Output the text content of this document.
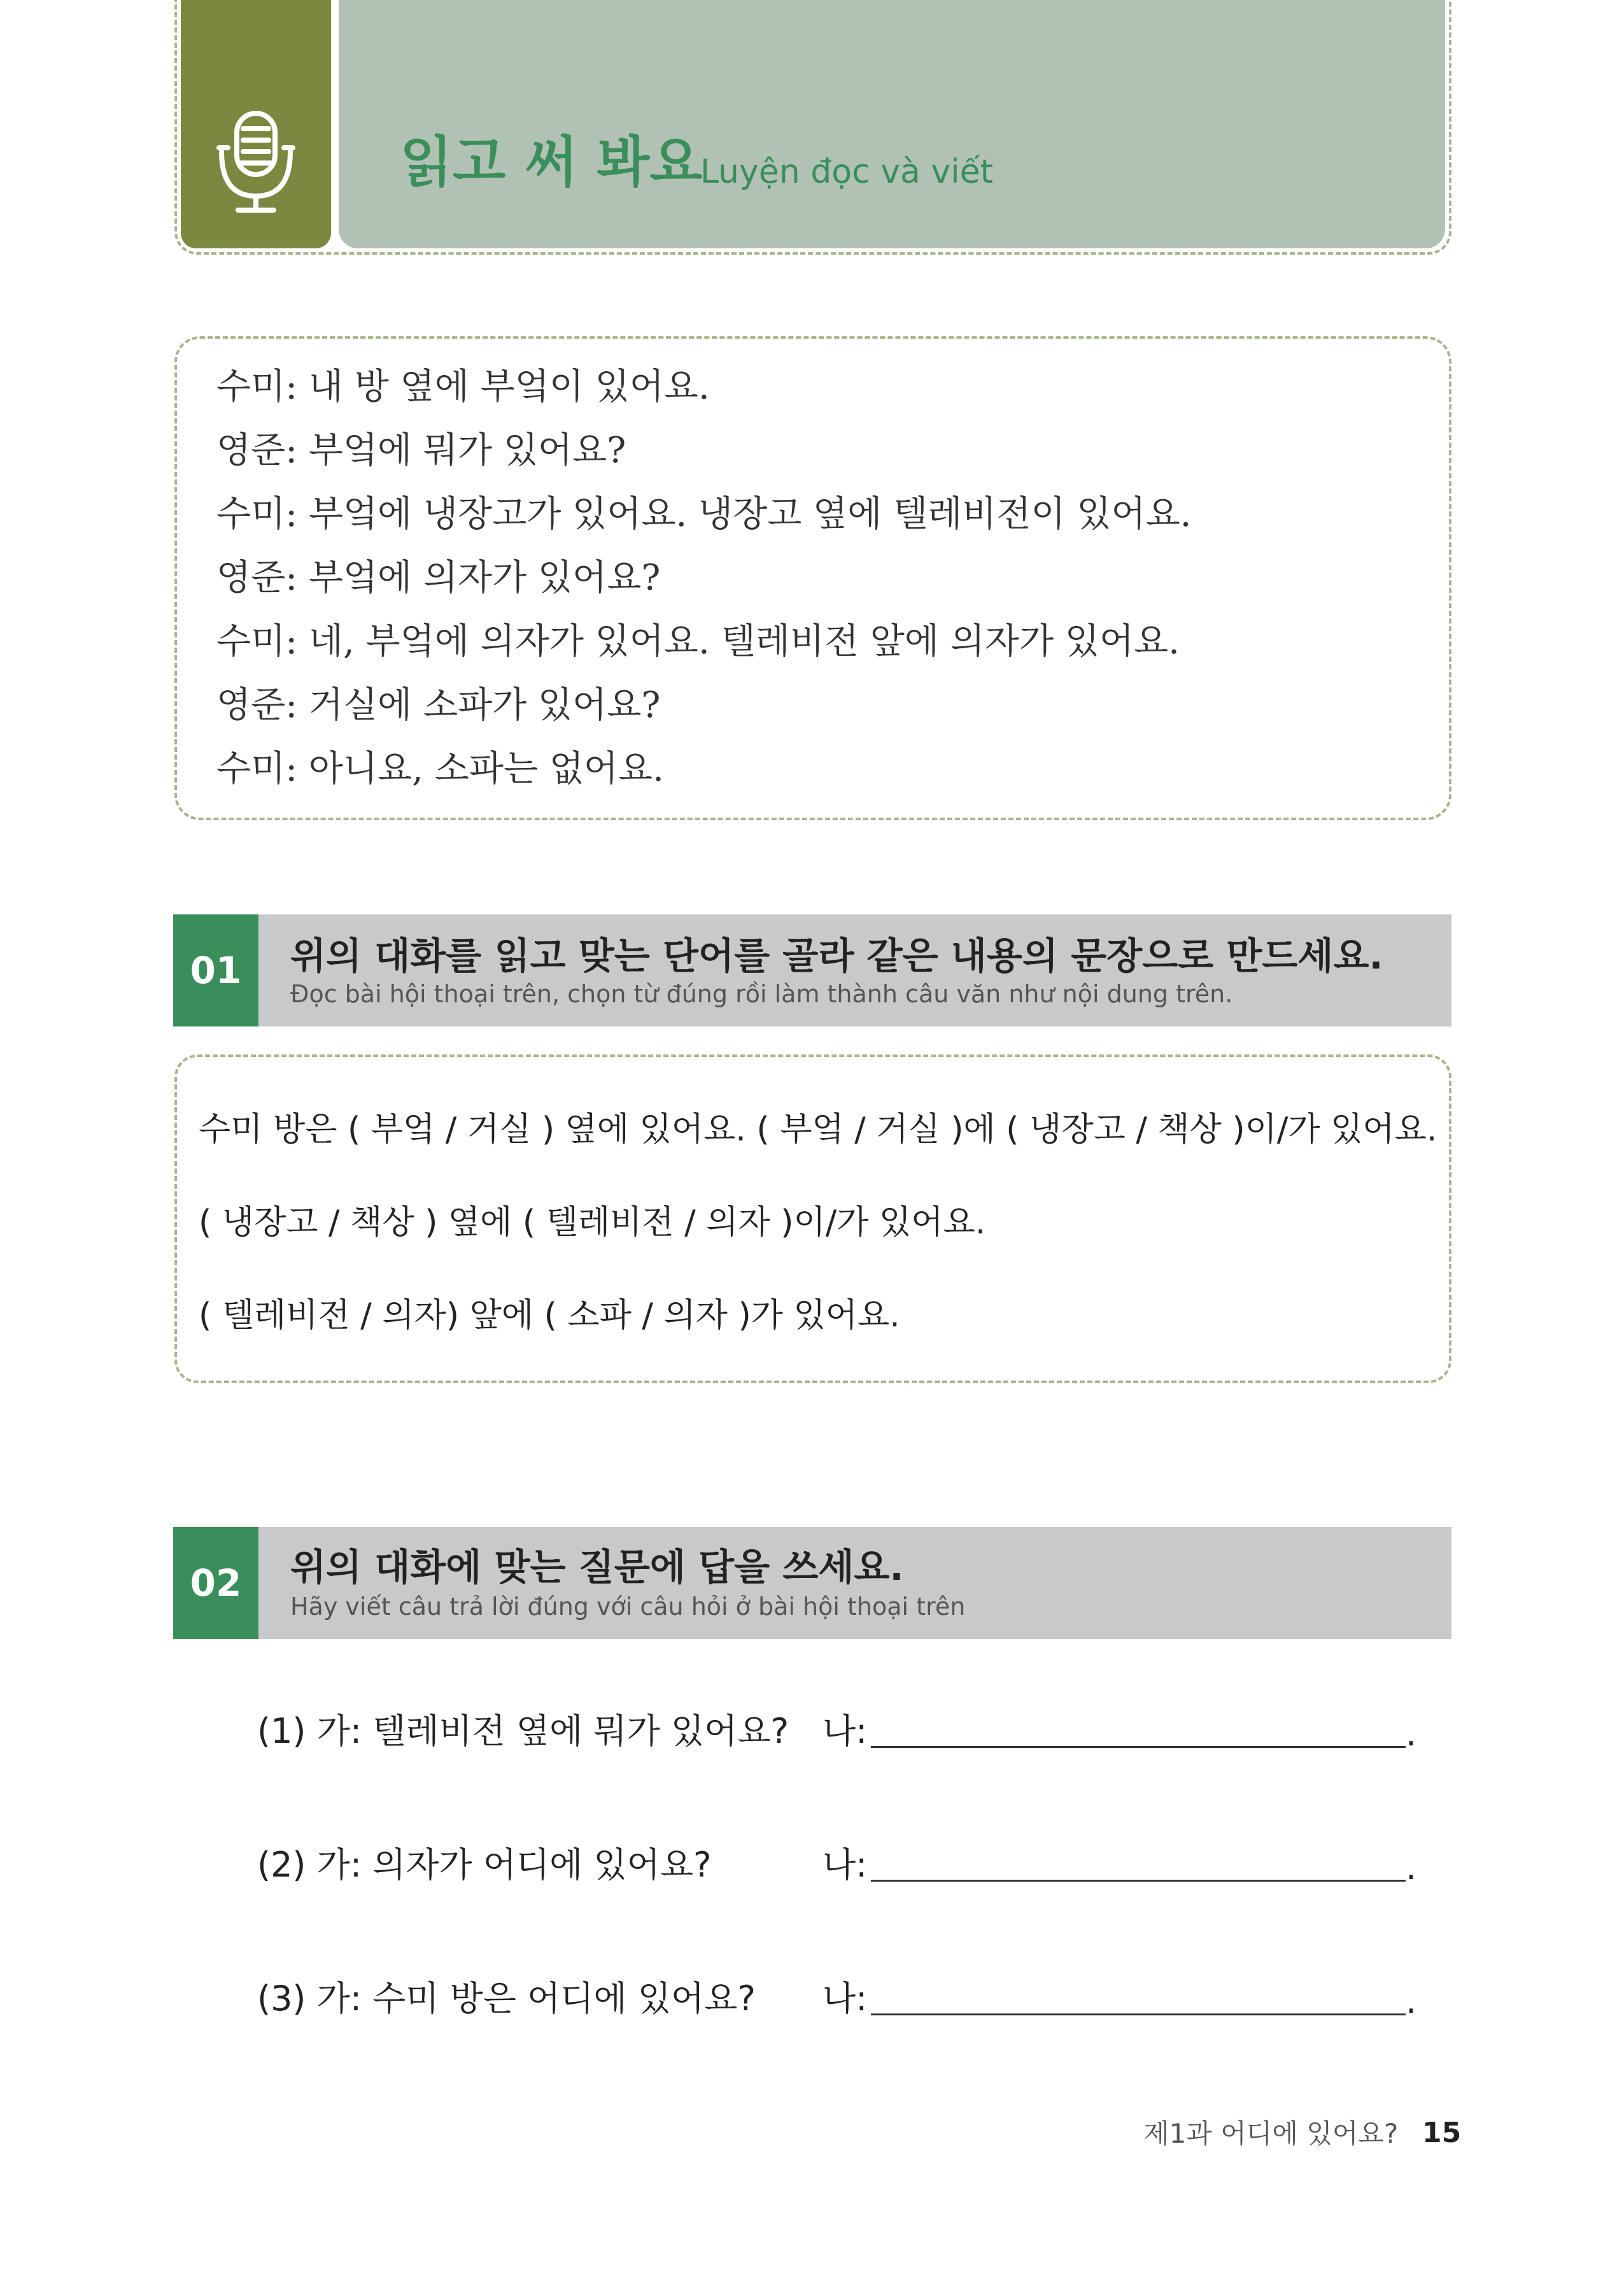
읽고 써 봐요
Luyện đọc và viết
수미: 내 방 옆에 부엌이 있어요.
영준: 부엌에 뭐가 있어요?
수미: 부엌에 냉장고가 있어요. 냉장고 옆에 텔레비전이 있어요.
영준: 부엌에 의자가 있어요?
수미: 네, 부엌에 의자가 있어요. 텔레비전 앞에 의자가 있어요.
영준: 거실에 소파가 있어요?
수미: 아니요, 소파는 없어요.
01	위의 대화를 읽고 맞는 단어를 골라 같은 내용의 문장으로 만드세요.
Đọc bài hội thoại trên, chọn từ đúng rồi làm thành câu văn như nội dung trên.
수미 방은 ( 부엌 / 거실 ) 옆에 있어요. ( 부엌 / 거실 )에 ( 냉장고 / 책상 )이/가 있어요.
( 냉장고 / 책상 ) 옆에 ( 텔레비전 / 의자 )이/가 있어요.
( 텔레비전 / 의자) 앞에 ( 소파 / 의자 )가 있어요.
02	위의 대화에 맞는 질문에 답을 쓰세요.
Hãy viết câu trả lời đúng với câu hỏi ở bài hội thoại trên
(1) 가: 텔레비전 옆에 뭐가 있어요? 나:	.
(2) 가: 의자가 어디에 있어요?	나:	.
(3) 가: 수미 방은 어디에 있어요? 나:	.
제1과 어디에 있어요? 15
